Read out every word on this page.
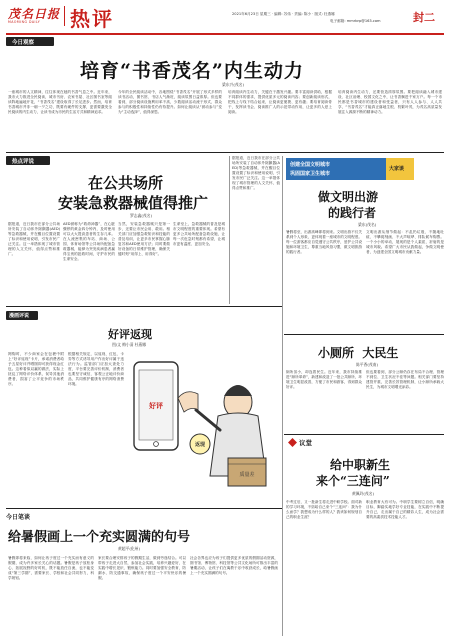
茂名日报
MAOMING DAILY 热评	2021年6月23日 星期三 · 编辑: 苏伟 · 责编: 陈小 · 版式: 杜燕娜
电子邮箱: mmrbrp@163.com	封二
今日观察
培育“书香茂名”内生动力
梁东兴(茂名)
一座城市的人文精神，往往体现在她的书香气息之中。近年来，我市大力推进全民阅读，城市书房、农家书屋、社区图书室等阅读阵地遍地开花，“书香茂名”建设取得了长足进步。然而，培育书香城市并非一朝一夕之功，既要有硬件的支撑，更需要激发全民阅读的内生动力，让读书成为市民的生活方式和精神追求。
今年的全民阅读活动中，各地围绕“书香茂名”开展了形式多样的读书活动，图书馆、书店人气渐旺，阅读氛围日益浓厚。但也要看到，部分阅读设施利用率不高，少数阅读活动流于形式，群众参与的积极性和持续性仍有待提升。如何让阅读从“被动参与”变为“主动选择”，值得深思。
培育阅读内生动力，关键在于激发兴趣。要丰富阅读供给，根据不同群体的需求，提供优质多元的阅读内容；要创新阅读形式，把线上与线下结合起来，让阅读更便捷、更有趣；要培育阅读骨干，发挥读书会、阅读推广人的示范带动作用，让更多的人爱上阅读。
培育阅读内生动力，还要营造浓厚氛围。要把阅读融入城市建设、社区治理、校园文化之中，让书香飘进千家万户。每一个市民都是书香城市的建设者和受益者，只有人人参与、人人共享，“书香茂名”才能真正落地生根、枝繁叶茂，为茂名高质量发展注入源源不断的精神动力。
热点评说
在公共场所
安装急救器械值得推广
罗志鑫(茂名)
据报道，近日我市在部分公共场所安装了自动体外除颤器(AED)等急救器械，并在醒目位置设置了标识和使用说明，引发市民广泛关注。这一举措体现了城市管理的人文关怀，值得点赞和推广。
AED被称为“救命神器”，在心脏骤停的黄金四分钟内，及时使用可以大大提高患者的生存几率。在人流密集的车站、商场、公园、体育场馆等公共场所配备急救器械，能够为突发疾病患者赢得宝贵的抢救时间，守护市民的生命安全。
当然，安装急救器械只是第一步，还要让市民会用、敢用。相关部门应加强急救知识和技能的普及培训，让更多市民掌握心肺复苏和AED使用方法；同时要做好设备的日常维护管理，确保关键时刻“用得上、用得好”。
生命至上，急救器械的普及是城市文明程度的重要体现。希望有更多公共场所配备急救设施，让每一次危急时刻都有希望，让城市更有温度、更加安全。
据报道，近日我市在部分公共场所安装了自动体外除颤器(AED)等急救器械，并在醒目位置设置了标识和使用说明，引发市民广泛关注。这一举措体现了城市管理的人文关怀，值得点赞和推广。
创建全国文明城市
巩固国家卫生城市
大家谈
做文明出游
的践行者
梁东(茂名)
暑假将至，出游高峰即将到来。文明出游不仅关系到个人形象，更体现着一座城市的文明程度。每一位游客都应自觉遵守公共秩序，爱护公共设施和环境卫生，尊重当地风俗习惯，做文明旅游的践行者。
文明出游从细节做起：不乱扔垃圾、不随地吐痰、不攀爬刻画、不大声喧哗、排队候车购票。一个小小的举动，展现的是个人素质，折射的是城市风貌。希望广大市民从我做起，争做文明使者，为创建全国文明城市贡献力量。
小厕所  大民生
陈平香(茂南)
厕所虽小，却连着民生。近年来，我市持续推进“厕所革命”，新建和改造了一批公共厕所，环境卫生明显改善，方便了市民和游客，得到群众好评。
但也要看到，部分公厕仍存在布局不合理、管理不到位、卫生状况不佳等问题。相关部门要坚持建管并重，完善长效管理机制，让小厕所承载大民生，为城市文明增光添彩。
议堂
给中职新生
来个“三连问”
黄佩玲(茂名)
中考过后，又一批新生将走进中职学校。面对新的学习环境，不妨给自己来个“三连问”：我为什么而学？我想成为什么样的人？我该如何规划自己的职业生涯？
职业教育大有可为。中职学生要树立自信，明确目标，脚踏实地学好专业技能，在实践中不断提升自己，走出属于自己的精彩人生，成为社会需要的高素质技术技能人才。
漫画评说
好评返现
图/文 梅小清 杜燕娜
网购时，不少商家会在包裹中附上“好评返现”卡片，承诺消费者给予五星好评并晒图即可获得现金红包。这种看似双赢的做法，实际上扰乱了网络评价体系，误导其他消费者，损害了公平竞争的市场秩序。
根据相关规定，以返现、红包、卡券等方式诱导用户作出好评属于违法行为。监管部门应加大查处力度，平台要完善评价机制，消费者也要坚守诚信，客观公正地评价商品，共同维护健康有序的网络消费环境。
好评
返现
质量差
今日笔谈
给暑假画上一个充实圆满的句号
黄超平(化州)
暑假即将来临，如何让孩子度过一个充实而有意义的假期，成为许多家长关心的话题。暑假是孩子放松身心、拓展视野的好时机，既不能放任自流，也不能变成“第三学期”，需要家长、学校和社会共同努力，科学规划。
家长要合理安排孩子的假期生活，做到劳逸结合。可以带孩子走进大自然，参加社会实践，培养兴趣爱好，在实践中增长见识、锻炼能力。同时要加强安全教育，防溺水、防交通事故，确保孩子度过一个平安快乐的暑假。
社会各界也应为孩子们提供更多优质的假期活动资源，图书馆、博物馆、科技馆等公共文化场所可推出丰富的暑期活动，让孩子们在寓教于乐中收获成长，给暑假画上一个充实圆满的句号。
